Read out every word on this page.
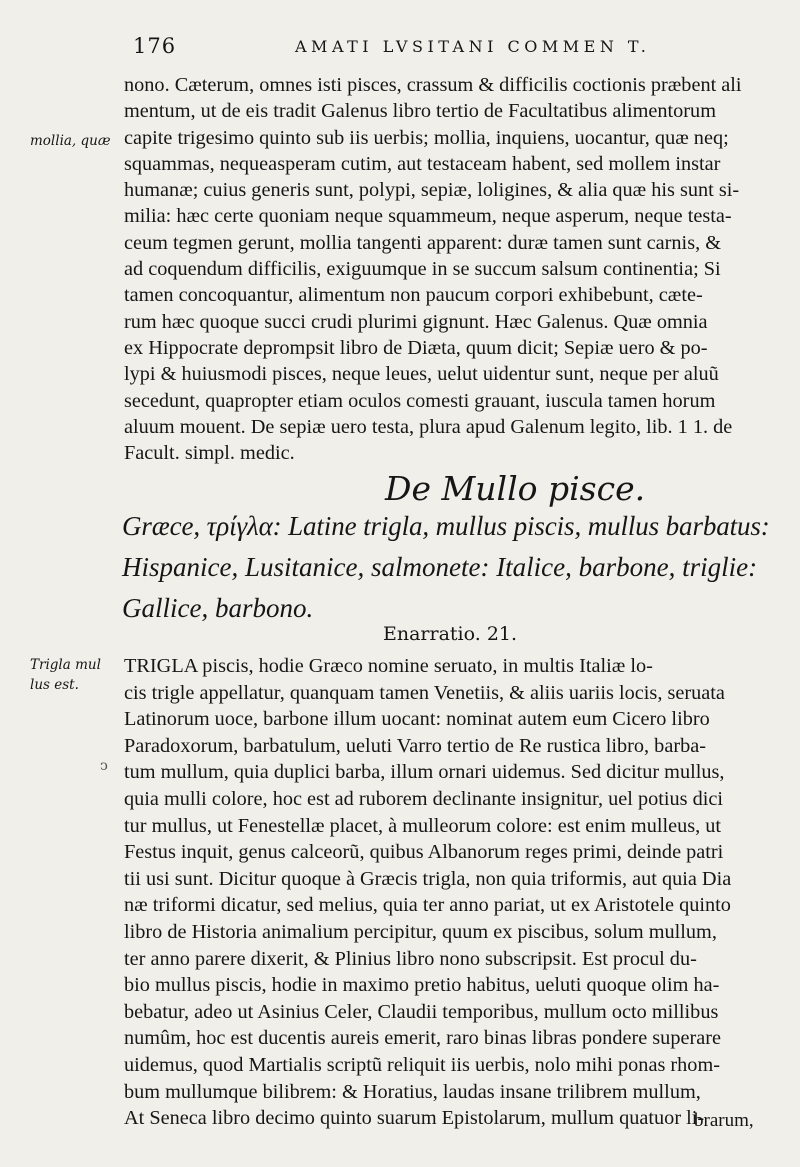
176	AMATI LVSITANI COMMEN T.
mollia, quæ
nono. Cæterum, omnes isti pisces, crassum & difficilis coctionis præbent ali
mentum, ut de eis tradit Galenus libro tertio de Facultatibus alimentorum
capite trigesimo quinto sub iis uerbis; mollia, inquiens, uocantur, quæ neq;
squammas, nequeasperam cutim, aut testaceam habent, sed mollem instar
humanæ; cuius generis sunt, polypi, sepiæ, loligines, & alia quæ his sunt si-
milia: hæc certe quoniam neque squammeum, neque asperum, neque testa-
ceum tegmen gerunt, mollia tangenti apparent: duræ tamen sunt carnis, &
ad coquendum difficilis, exiguumque in se succum salsum continentia; Si
tamen concoquantur, alimentum non paucum corpori exhibebunt, cæte-
rum hæc quoque succi crudi plurimi gignunt. Hæc Galenus. Quæ omnia
ex Hippocrate deprompsit libro de Diæta, quum dicit; Sepiæ uero & po-
lypi & huiusmodi pisces, neque leues, uelut uidentur sunt, neque per aluũ
secedunt, quapropter etiam oculos comesti grauant, iuscula tamen horum
aluum mouent. De sepiæ uero testa, plura apud Galenum legito, lib. 1 1. de
Facult. simpl. medic.
De Mullo pisce.
Græce, τρίγλα: Latine trigla, mullus piscis, mullus barbatus:
Hispanice, Lusitanice, salmonete: Italice, barbone, triglie:
Gallice, barbono.
Enarratio. 21.
Trigla mul
lus est.
ↄ
TRIGLA piscis, hodie Græco nomine seruato, in multis Italiæ lo-
cis trigle appellatur, quanquam tamen Venetiis, & aliis uariis locis, seruata
Latinorum uoce, barbone illum uocant: nominat autem eum Cicero libro
Paradoxorum, barbatulum, ueluti Varro tertio de Re rustica libro, barba-
tum mullum, quia duplici barba, illum ornari uidemus. Sed dicitur mullus,
quia mulli colore, hoc est ad ruborem declinante insignitur, uel potius dici
tur mullus, ut Fenestellæ placet, à mulleorum colore: est enim mulleus, ut
Festus inquit, genus calceorũ, quibus Albanorum reges primi, deinde patri
tii usi sunt. Dicitur quoque à Græcis trigla, non quia triformis, aut quia Dia
næ triformi dicatur, sed melius, quia ter anno pariat, ut ex Aristotele quinto
libro de Historia animalium percipitur, quum ex piscibus, solum mullum,
ter anno parere dixerit, & Plinius libro nono subscripsit. Est procul du-
bio mullus piscis, hodie in maximo pretio habitus, ueluti quoque olim ha-
bebatur, adeo ut Asinius Celer, Claudii temporibus, mullum octo millibus
numûm, hoc est ducentis aureis emerit, raro binas libras pondere superare
uidemus, quod Martialis scriptũ reliquit iis uerbis, nolo mihi ponas rhom-
bum mullumque bilibrem: & Horatius, laudas insane trilibrem mullum,
At Seneca libro decimo quinto suarum Epistolarum, mullum quatuor li-
brarum,
